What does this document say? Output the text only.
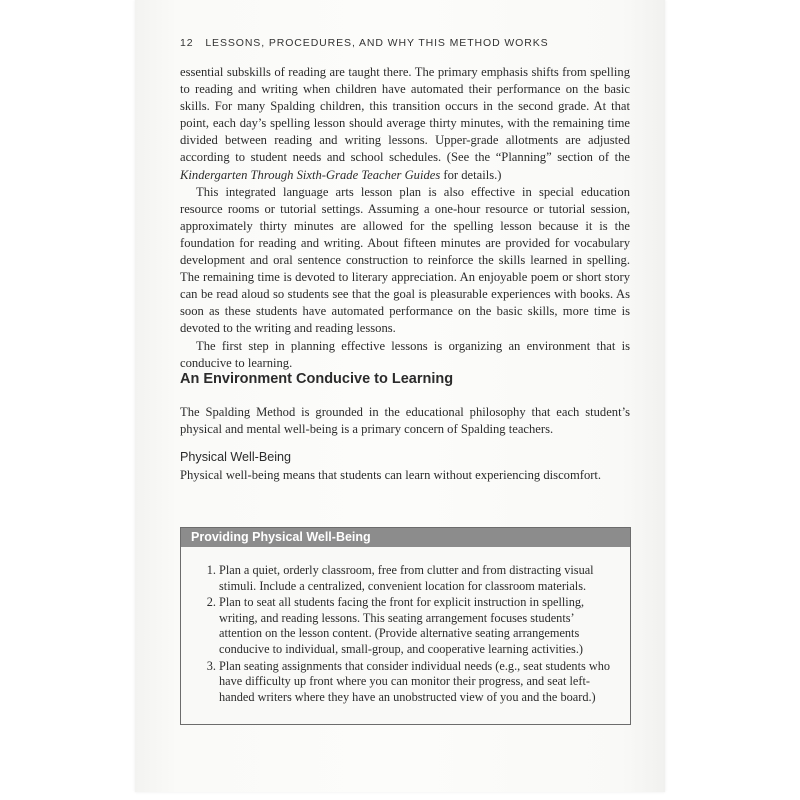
12 LESSONS, PROCEDURES, AND WHY THIS METHOD WORKS

essential subskills of reading are taught there. The primary emphasis shifts from spelling to reading and writing when children have automated their performance on the basic skills. For many Spalding children, this transition occurs in the second grade. At that point, each day’s spelling lesson should average thirty minutes, with the remaining time divided between reading and writing lessons. Upper-grade allotments are adjusted according to student needs and school schedules. (See the “Planning” section of the Kindergarten Through Sixth-Grade Teacher Guides for details.)

This integrated language arts lesson plan is also effective in special education resource rooms or tutorial settings. Assuming a one-hour resource or tutorial session, approximately thirty minutes are allowed for the spelling lesson because it is the foundation for reading and writing. About fifteen minutes are provided for vocabulary development and oral sentence construction to reinforce the skills learned in spelling. The remaining time is devoted to literary appreciation. An enjoyable poem or short story can be read aloud so students see that the goal is pleasurable experiences with books. As soon as these students have automated performance on the basic skills, more time is devoted to the writing and reading lessons.

The first step in planning effective lessons is organizing an environment that is conducive to learning.

An Environment Conducive to Learning

The Spalding Method is grounded in the educational philosophy that each student’s physical and mental well-being is a primary concern of Spalding teachers.

Physical Well-Being

Physical well-being means that students can learn without experiencing discomfort.

Providing Physical Well-Being
1. Plan a quiet, orderly classroom, free from clutter and from distracting visual stimuli. Include a centralized, convenient location for classroom materials.
2. Plan to seat all students facing the front for explicit instruction in spelling, writing, and reading lessons. This seating arrangement focuses students’ attention on the lesson content. (Provide alternative seating arrangements conducive to individual, small-group, and cooperative learning activities.)
3. Plan seating assignments that consider individual needs (e.g., seat students who have difficulty up front where you can monitor their progress, and seat left-handed writers where they have an unobstructed view of you and the board.)
